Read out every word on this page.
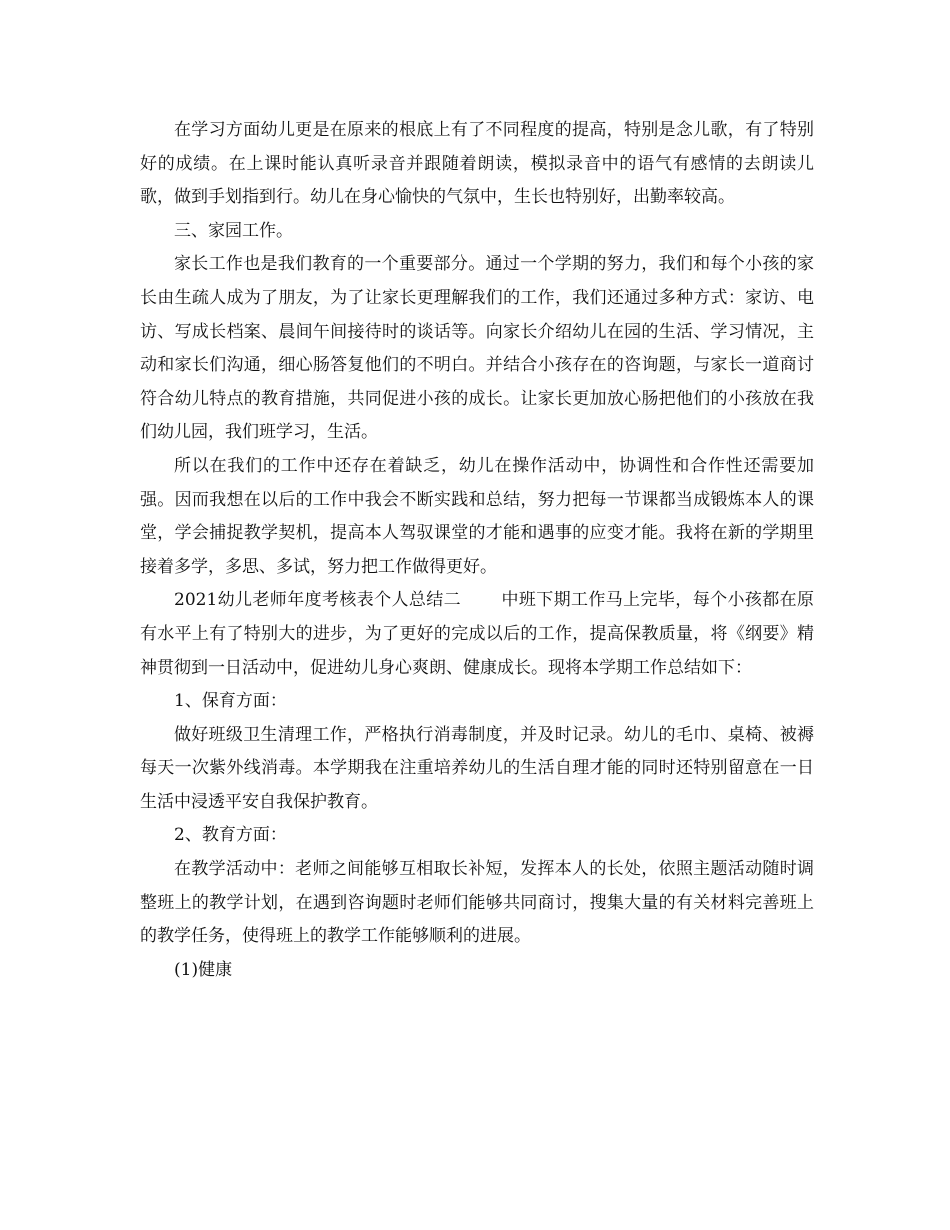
在学习方面幼儿更是在原来的根底上有了不同程度的提高，特别是念儿歌，有了特别好的成绩。在上课时能认真听录音并跟随着朗读，模拟录音中的语气有感情的去朗读儿歌，做到手划指到行。幼儿在身心愉快的气氛中，生长也特别好，出勤率较高。

三、家园工作。

家长工作也是我们教育的一个重要部分。通过一个学期的努力，我们和每个小孩的家长由生疏人成为了朋友，为了让家长更理解我们的工作，我们还通过多种方式：家访、电访、写成长档案、晨间午间接待时的谈话等。向家长介绍幼儿在园的生活、学习情况，主动和家长们沟通，细心肠答复他们的不明白。并结合小孩存在的咨询题，与家长一道商讨符合幼儿特点的教育措施，共同促进小孩的成长。让家长更加放心肠把他们的小孩放在我们幼儿园，我们班学习，生活。

所以在我们的工作中还存在着缺乏，幼儿在操作活动中，协调性和合作性还需要加强。因而我想在以后的工作中我会不断实践和总结，努力把每一节课都当成锻炼本人的课堂，学会捕捉教学契机，提高本人驾驭课堂的才能和遇事的应变才能。我将在新的学期里接着多学，多思、多试，努力把工作做得更好。

2021幼儿老师年度考核表个人总结二 中班下期工作马上完毕，每个小孩都在原有水平上有了特别大的进步，为了更好的完成以后的工作，提高保教质量，将《纲要》精神贯彻到一日活动中，促进幼儿身心爽朗、健康成长。现将本学期工作总结如下：

1、保育方面：

做好班级卫生清理工作，严格执行消毒制度，并及时记录。幼儿的毛巾、桌椅、被褥每天一次紫外线消毒。本学期我在注重培养幼儿的生活自理才能的同时还特别留意在一日生活中浸透平安自我保护教育。

2、教育方面：

在教学活动中：老师之间能够互相取长补短，发挥本人的长处，依照主题活动随时调整班上的教学计划，在遇到咨询题时老师们能够共同商讨，搜集大量的有关材料完善班上的教学任务，使得班上的教学工作能够顺利的进展。

(1)健康
